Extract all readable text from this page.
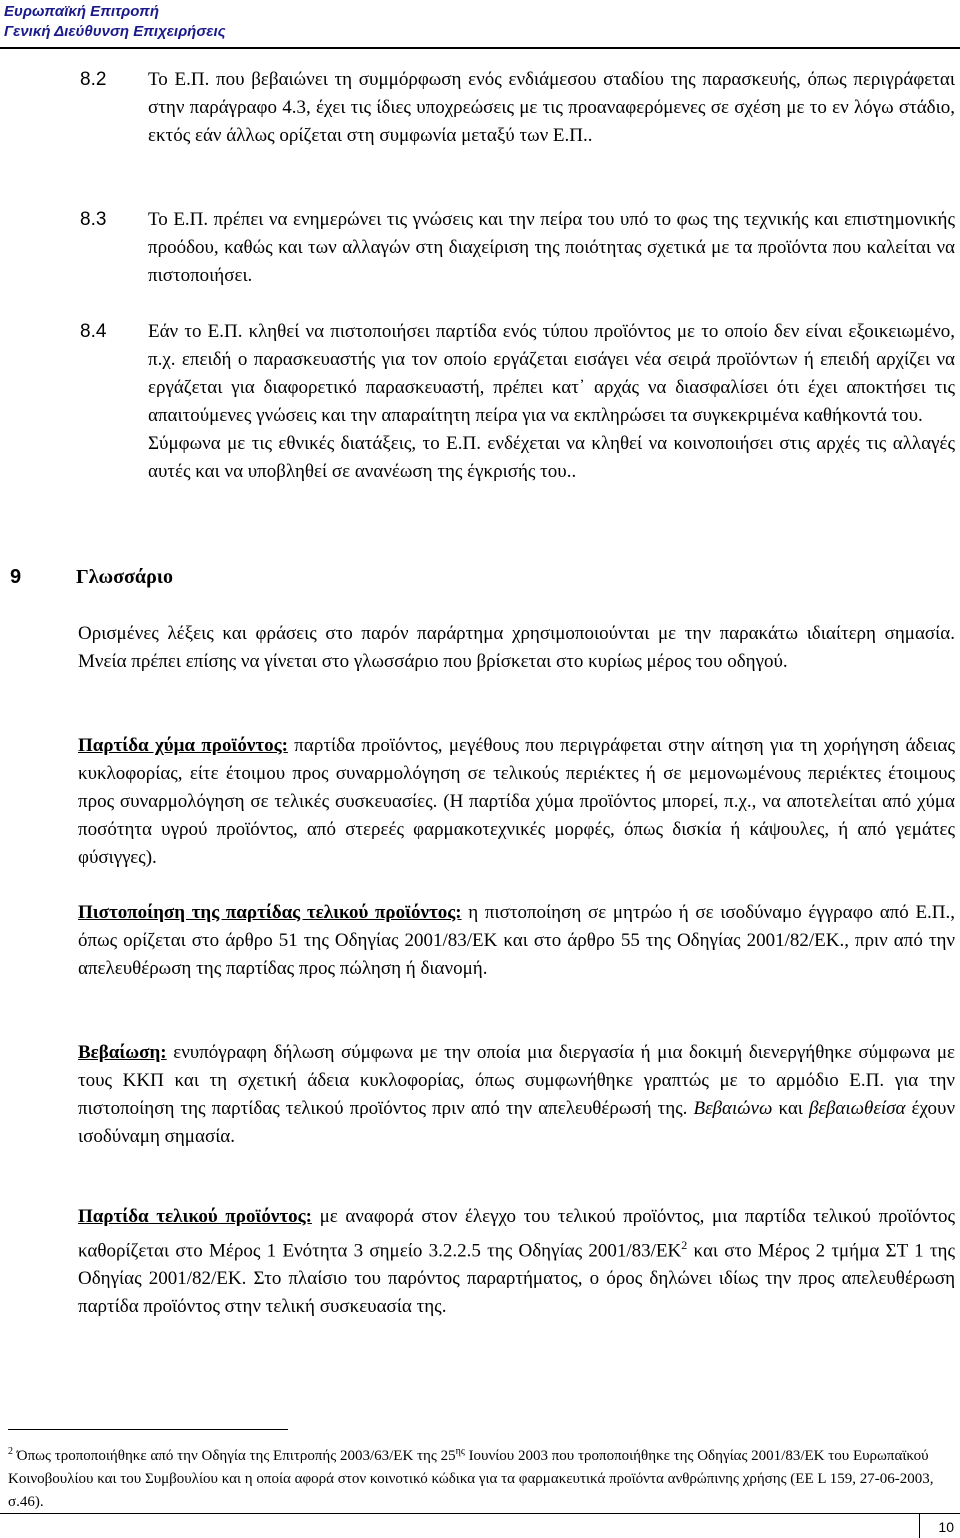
Ευρωπαϊκή Επιτροπή
Γενική Διεύθυνση Επιχειρήσεις
8.2 Το Ε.Π. που βεβαιώνει τη συμμόρφωση ενός ενδιάμεσου σταδίου της παρασκευής, όπως περιγράφεται στην παράγραφο 4.3, έχει τις ίδιες υποχρεώσεις με τις προαναφερόμενες σε σχέση με το εν λόγω στάδιο, εκτός εάν άλλως ορίζεται στη συμφωνία μεταξύ των Ε.Π..
8.3 Το Ε.Π. πρέπει να ενημερώνει τις γνώσεις και την πείρα του υπό το φως της τεχνικής και επιστημονικής προόδου, καθώς και των αλλαγών στη διαχείριση της ποιότητας σχετικά με τα προϊόντα που καλείται να πιστοποιήσει.
8.4 Εάν το Ε.Π. κληθεί να πιστοποιήσει παρτίδα ενός τύπου προϊόντος με το οποίο δεν είναι εξοικειωμένο, π.χ. επειδή ο παρασκευαστής για τον οποίο εργάζεται εισάγει νέα σειρά προϊόντων ή επειδή αρχίζει να εργάζεται για διαφορετικό παρασκευαστή, πρέπει κατ᾽ αρχάς να διασφαλίσει ότι έχει αποκτήσει τις απαιτούμενες γνώσεις και την απαραίτητη πείρα για να εκπληρώσει τα συγκεκριμένα καθήκοντά του.
Σύμφωνα με τις εθνικές διατάξεις, το Ε.Π. ενδέχεται να κληθεί να κοινοποιήσει στις αρχές τις αλλαγές αυτές και να υποβληθεί σε ανανέωση της έγκρισής του..
9	Γλωσσάριο
Ορισμένες λέξεις και φράσεις στο παρόν παράρτημα χρησιμοποιούνται με την παρακάτω ιδιαίτερη σημασία. Μνεία πρέπει επίσης να γίνεται στο γλωσσάριο που βρίσκεται στο κυρίως μέρος του οδηγού.
Παρτίδα χύμα προϊόντος: παρτίδα προϊόντος, μεγέθους που περιγράφεται στην αίτηση για τη χορήγηση άδειας κυκλοφορίας, είτε έτοιμου προς συναρμολόγηση σε τελικούς περιέκτες ή σε μεμονωμένους περιέκτες έτοιμους προς συναρμολόγηση σε τελικές συσκευασίες. (Η παρτίδα χύμα προϊόντος μπορεί, π.χ., να αποτελείται από χύμα ποσότητα υγρού προϊόντος, από στερεές φαρμακοτεχνικές μορφές, όπως δισκία ή κάψουλες, ή από γεμάτες φύσιγγες).
Πιστοποίηση της παρτίδας τελικού προϊόντος: η πιστοποίηση σε μητρώο ή σε ισοδύναμο έγγραφο από Ε.Π., όπως ορίζεται στο άρθρο 51 της Οδηγίας 2001/83/ΕΚ και στο άρθρο 55 της Οδηγίας 2001/82/ΕΚ., πριν από την απελευθέρωση της παρτίδας προς πώληση ή διανομή.
Βεβαίωση: ενυπόγραφη δήλωση σύμφωνα με την οποία μια διεργασία ή μια δοκιμή διενεργήθηκε σύμφωνα με τους ΚΚΠ και τη σχετική άδεια κυκλοφορίας, όπως συμφωνήθηκε γραπτώς με το αρμόδιο Ε.Π. για την πιστοποίηση της παρτίδας τελικού προϊόντος πριν από την απελευθέρωσή της. Βεβαιώνω και βεβαιωθείσα έχουν ισοδύναμη σημασία.
Παρτίδα τελικού προϊόντος: με αναφορά στον έλεγχο του τελικού προϊόντος, μια παρτίδα τελικού προϊόντος καθορίζεται στο Μέρος 1 Ενότητα 3 σημείο 3.2.2.5 της Οδηγίας $2001/83/EK^2$ και στο Μέρος 2 τμήμα ΣΤ 1 της Οδηγίας 2001/82/ΕΚ. Στο πλαίσιο του παρόντος παραρτήματος, ο όρος δηλώνει ιδίως την προς απελευθέρωση παρτίδα προϊόντος στην τελική συσκευασία της.
$^2$ Όπως τροποποιήθηκε από την Οδηγία της Επιτροπής 2003/63/ΕΚ της $25^{\eta\varsigma}$ Ιουνίου 2003 που τροποποιήθηκε της Οδηγίας 2001/83/ΕΚ του Ευρωπαϊκού Κοινοβουλίου και του Συμβουλίου και η οποία αφορά στον κοινοτικό κώδικα για τα φαρμακευτικά προϊόντα ανθρώπινης χρήσης (ΕΕ L 159, 27-06-2003, σ.46).
10
